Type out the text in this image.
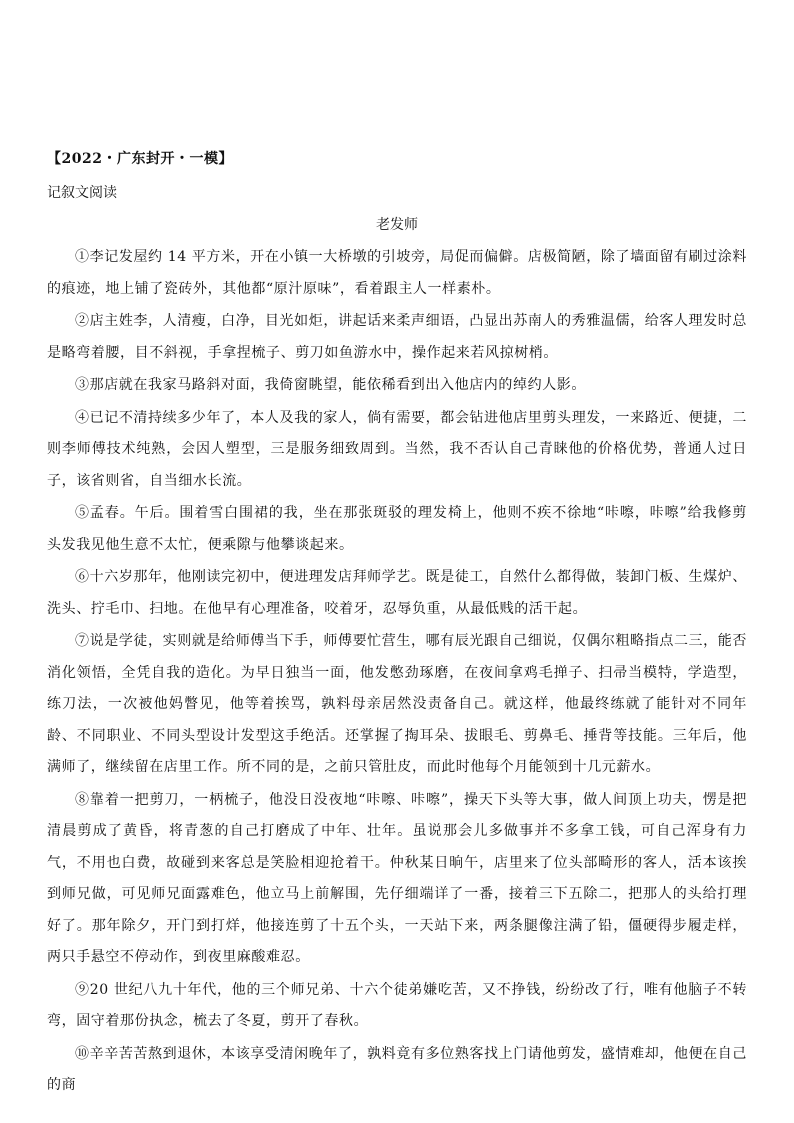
【2022・广东封开・一模】
记叙文阅读
老发师

①李记发屋约 14 平方米，开在小镇一大桥墩的引坡旁，局促而偏僻。店极简陋，除了墙面留有刷过涂料的痕迹，地上铺了瓷砖外，其他都“原汁原味”，看着跟主人一样素朴。

②店主姓李，人清瘦，白净，目光如炬，讲起话来柔声细语，凸显出苏南人的秀雅温儒，给客人理发时总是略弯着腰，目不斜视，手拿捏梳子、剪刀如鱼游水中，操作起来若风掠树梢。

③那店就在我家马路斜对面，我倚窗眺望，能依稀看到出入他店内的绰约人影。

④已记不清持续多少年了，本人及我的家人，倘有需要，都会钻进他店里剪头理发，一来路近、便捷，二则李师傅技术纯熟，会因人塑型，三是服务细致周到。当然，我不否认自己青睐他的价格优势，普通人过日子，该省则省，自当细水长流。

⑤孟春。午后。围着雪白围裙的我，坐在那张斑驳的理发椅上，他则不疾不徐地“咔嚓，咔嚓”给我修剪头发我见他生意不太忙，便乘隙与他攀谈起来。

⑥十六岁那年，他刚读完初中，便进理发店拜师学艺。既是徒工，自然什么都得做，装卸门板、生煤炉、洗头、拧毛巾、扫地。在他早有心理准备，咬着牙，忍辱负重，从最低贱的活干起。

⑦说是学徒，实则就是给师傅当下手，师傅要忙营生，哪有辰光跟自己细说，仅偶尔粗略指点二三，能否消化领悟，全凭自我的造化。为早日独当一面，他发憋劲琢磨，在夜间拿鸡毛掸子、扫帚当模特，学造型，练刀法，一次被他妈瞥见，他等着挨骂，孰料母亲居然没责备自己。就这样，他最终练就了能针对不同年龄、不同职业、不同头型设计发型这手绝活。还掌握了掏耳朵、拔眼毛、剪鼻毛、捶背等技能。三年后，他满师了，继续留在店里工作。所不同的是，之前只管肚皮，而此时他每个月能领到十几元薪水。

⑧靠着一把剪刀，一柄梳子，他没日没夜地“咔嚓、咔嚓”，操天下头等大事，做人间顶上功夫，愣是把清晨剪成了黄昏，将青葱的自己打磨成了中年、壮年。虽说那会儿多做事并不多拿工钱，可自己浑身有力气，不用也白费，故碰到来客总是笑脸相迎抢着干。仲秋某日晌午，店里来了位头部畸形的客人，活本该挨到师兄做，可见师兄面露难色，他立马上前解围，先仔细端详了一番，接着三下五除二，把那人的头给打理好了。那年除夕，开门到打烊，他接连剪了十五个头，一天站下来，两条腿像注满了铅，僵硬得步履走样，两只手悬空不停动作，到夜里麻酸难忍。

⑨20 世纪八九十年代，他的三个师兄弟、十六个徒弟嫌吃苦，又不挣钱，纷纷改了行，唯有他脑子不转弯，固守着那份执念，梳去了冬夏，剪开了春秋。

⑩辛辛苦苦熬到退休，本该享受清闲晚年了，孰料竟有多位熟客找上门请他剪发，盛情难却，他便在自己的商
